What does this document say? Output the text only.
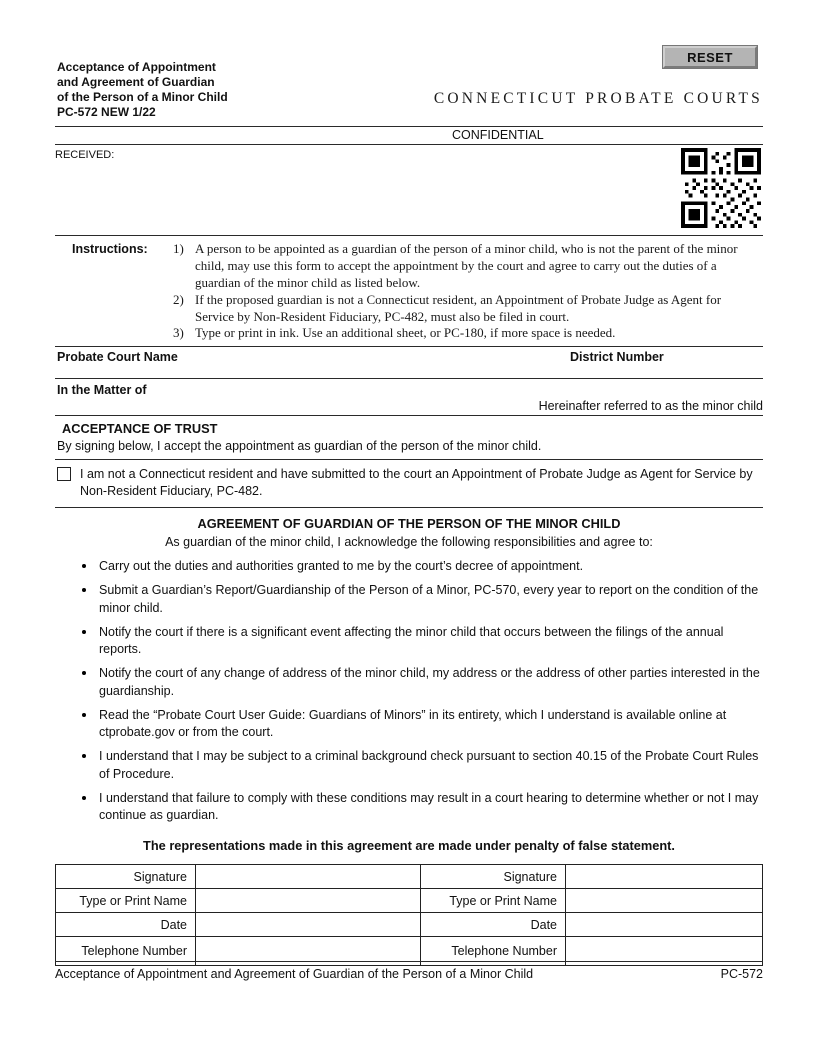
RESET
Acceptance of Appointment
and Agreement of Guardian
of the Person of a Minor Child
PC-572 NEW 1/22
CONNECTICUT PROBATE COURTS
CONFIDENTIAL
RECEIVED:
Instructions:	1) A person to be appointed as a guardian of the person of a minor child, who is not the parent of the minor child, may use this form to accept the appointment by the court and agree to carry out the duties of a guardian of the minor child as listed below.
2) If the proposed guardian is not a Connecticut resident, an Appointment of Probate Judge as Agent for Service by Non-Resident Fiduciary, PC-482, must also be filed in court.
3) Type or print in ink. Use an additional sheet, or PC-180, if more space is needed.
Probate Court Name	District Number
In the Matter of
Hereinafter referred to as the minor child
ACCEPTANCE OF TRUST
By signing below, I accept the appointment as guardian of the person of the minor child.
I am not a Connecticut resident and have submitted to the court an Appointment of Probate Judge as Agent for Service by Non-Resident Fiduciary, PC-482.
AGREEMENT OF GUARDIAN OF THE PERSON OF THE MINOR CHILD
As guardian of the minor child, I acknowledge the following responsibilities and agree to:
Carry out the duties and authorities granted to me by the court’s decree of appointment.
Submit a Guardian’s Report/Guardianship of the Person of a Minor, PC-570, every year to report on the condition of the minor child.
Notify the court if there is a significant event affecting the minor child that occurs between the filings of the annual reports.
Notify the court of any change of address of the minor child, my address or the address of other parties interested in the guardianship.
Read the “Probate Court User Guide: Guardians of Minors” in its entirety, which I understand is available online at ctprobate.gov or from the court.
I understand that I may be subject to a criminal background check pursuant to section 40.15 of the Probate Court Rules of Procedure.
I understand that failure to comply with these conditions may result in a court hearing to determine whether or not I may continue as guardian.
The representations made in this agreement are made under penalty of false statement.
Signature		Signature	
Type or Print Name		Type or Print Name	
Date		Date	
Telephone Number		Telephone Number	
Acceptance of Appointment and Agreement of Guardian of the Person of a Minor Child	PC-572
